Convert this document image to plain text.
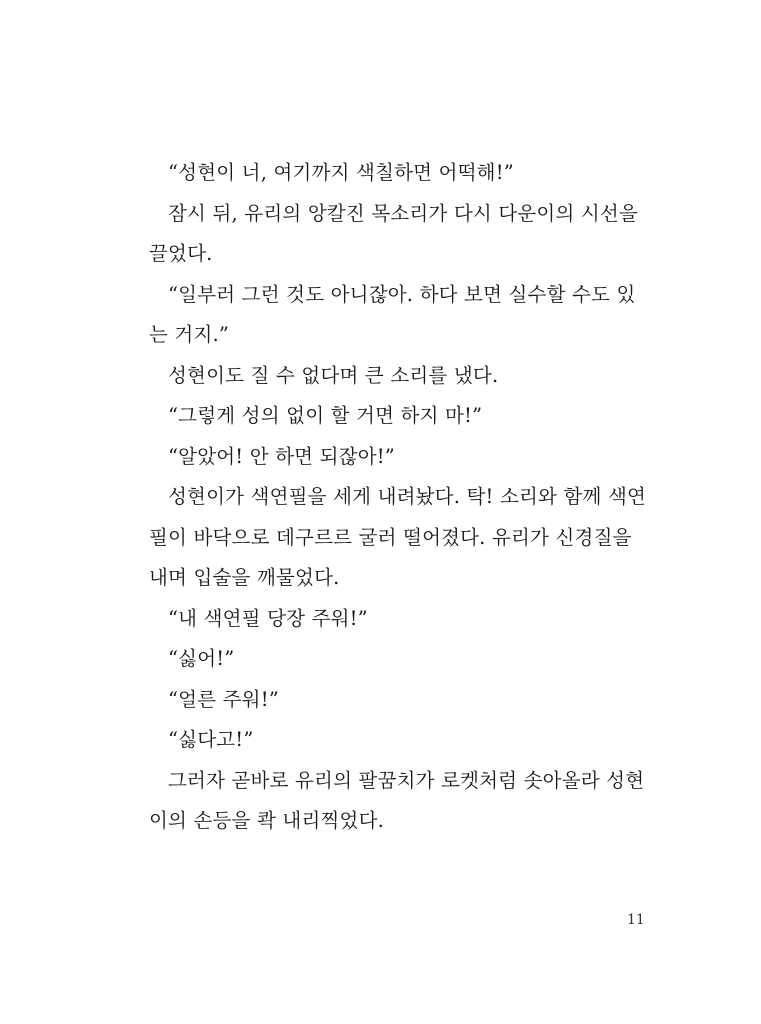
“성현이 너, 여기까지 색칠하면 어떡해!”
잠시 뒤, 유리의 앙칼진 목소리가 다시 다운이의 시선을
끌었다.
“일부러 그런 것도 아니잖아. 하다 보면 실수할 수도 있
는 거지.”
성현이도 질 수 없다며 큰 소리를 냈다.
“그렇게 성의 없이 할 거면 하지 마!”
“알았어! 안 하면 되잖아!”
성현이가 색연필을 세게 내려놨다. 탁! 소리와 함께 색연
필이 바닥으로 데구르르 굴러 떨어졌다. 유리가 신경질을
내며 입술을 깨물었다.
“내 색연필 당장 주워!”
“싫어!”
“얼른 주워!”
“싫다고!”
그러자 곧바로 유리의 팔꿈치가 로켓처럼 솟아올라 성현
이의 손등을 콱 내리찍었다.
11
